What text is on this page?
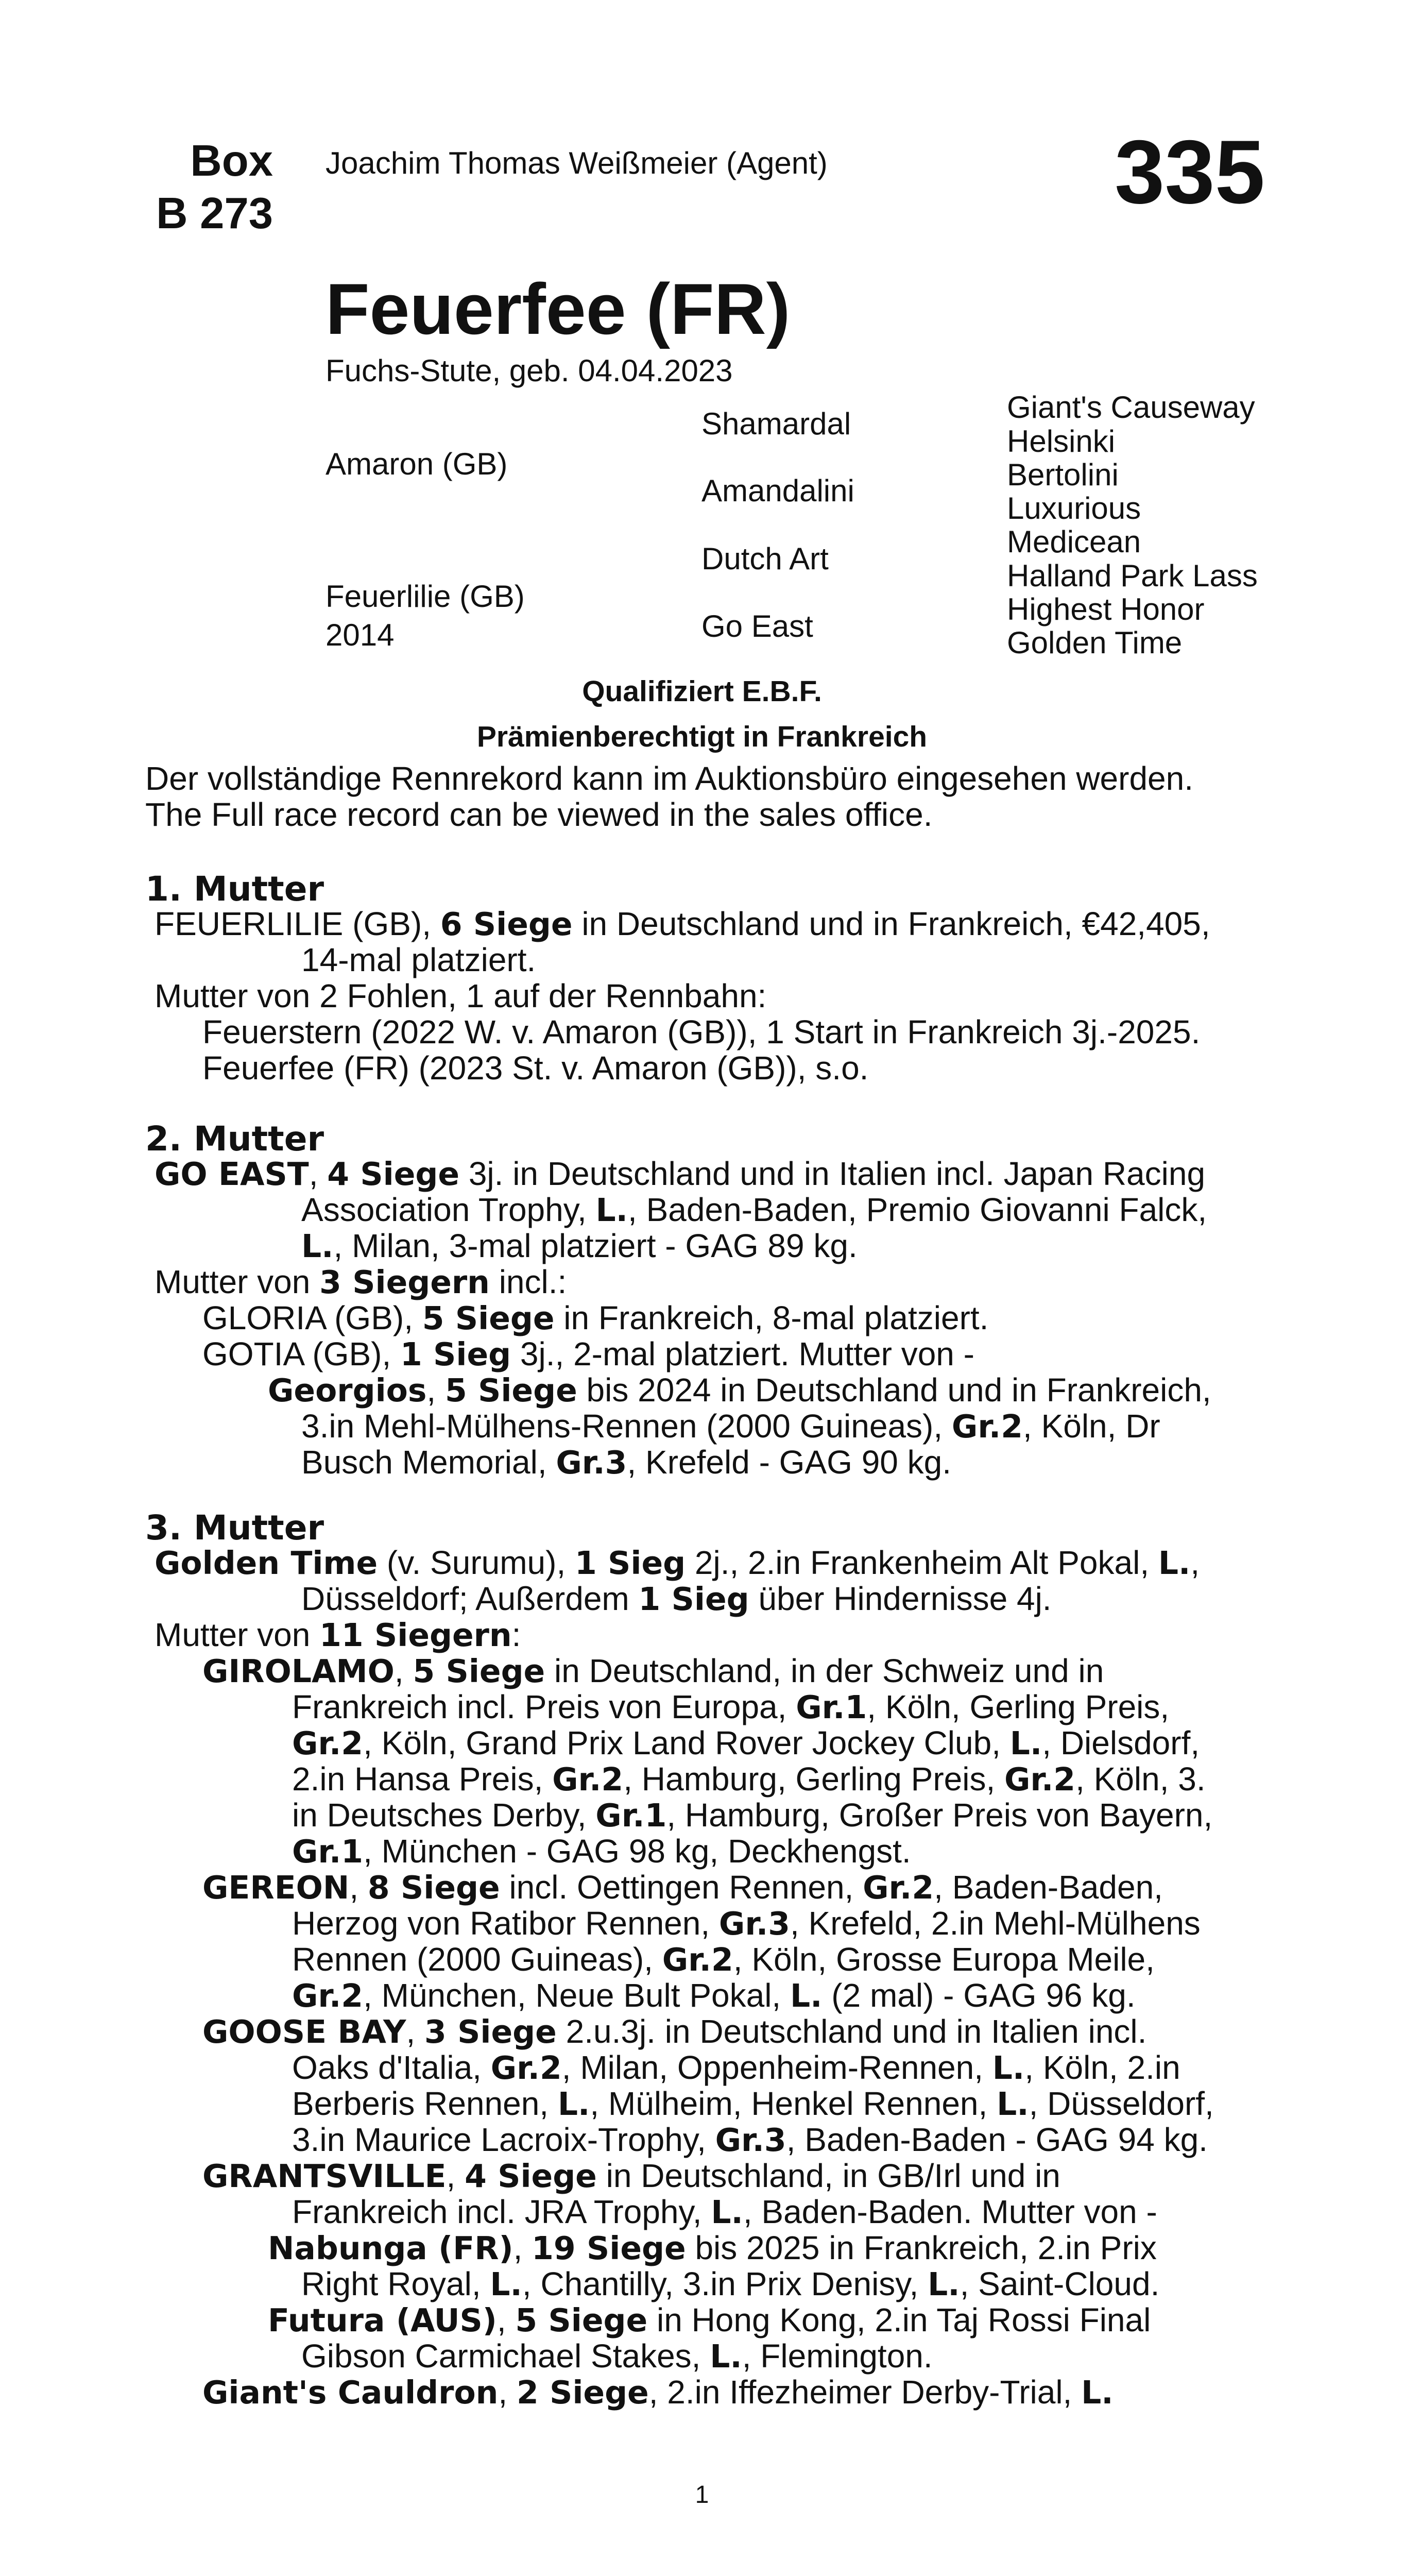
Box
B 273
Joachim Thomas Weißmeier (Agent)	335
Feuerfee (FR)
Fuchs-Stute, geb. 04.04.2023
Amaron (GB)
Feuerlilie (GB)
2014
Shamardal
Amandalini
Dutch Art
Go East
Giant's Causeway
Helsinki
Bertolini
Luxurious
Medicean
Halland Park Lass
Highest Honor
Golden Time
Qualifiziert E.B.F.
Prämienberechtigt in Frankreich
Der vollständige Rennrekord kann im Auktionsbüro eingesehen werden.
The Full race record can be viewed in the sales office.
1. Mutter
FEUERLILIE (GB), 6 Siege in Deutschland und in Frankreich, €42,405,
14-mal platziert.
Mutter von 2 Fohlen, 1 auf der Rennbahn:
Feuerstern (2022 W. v. Amaron (GB)), 1 Start in Frankreich 3j.-2025.
Feuerfee (FR) (2023 St. v. Amaron (GB)), s.o.
2. Mutter
GO EAST, 4 Siege 3j. in Deutschland und in Italien incl. Japan Racing
Association Trophy, L., Baden-Baden, Premio Giovanni Falck,
L., Milan, 3-mal platziert - GAG 89 kg.
Mutter von 3 Siegern incl.:
GLORIA (GB), 5 Siege in Frankreich, 8-mal platziert.
GOTIA (GB), 1 Sieg 3j., 2-mal platziert. Mutter von -
Georgios, 5 Siege bis 2024 in Deutschland und in Frankreich,
3.in Mehl-Mülhens-Rennen (2000 Guineas), Gr.2, Köln, Dr
Busch Memorial, Gr.3, Krefeld - GAG 90 kg.
3. Mutter
Golden Time (v. Surumu), 1 Sieg 2j., 2.in Frankenheim Alt Pokal, L.,
Düsseldorf; Außerdem 1 Sieg über Hindernisse 4j.
Mutter von 11 Siegern:
GIROLAMO, 5 Siege in Deutschland, in der Schweiz und in
Frankreich incl. Preis von Europa, Gr.1, Köln, Gerling Preis,
Gr.2, Köln, Grand Prix Land Rover Jockey Club, L., Dielsdorf,
2.in Hansa Preis, Gr.2, Hamburg, Gerling Preis, Gr.2, Köln, 3.
in Deutsches Derby, Gr.1, Hamburg, Großer Preis von Bayern,
Gr.1, München - GAG 98 kg, Deckhengst.
GEREON, 8 Siege incl. Oettingen Rennen, Gr.2, Baden-Baden,
Herzog von Ratibor Rennen, Gr.3, Krefeld, 2.in Mehl-Mülhens
Rennen (2000 Guineas), Gr.2, Köln, Grosse Europa Meile,
Gr.2, München, Neue Bult Pokal, L. (2 mal) - GAG 96 kg.
GOOSE BAY, 3 Siege 2.u.3j. in Deutschland und in Italien incl.
Oaks d'Italia, Gr.2, Milan, Oppenheim-Rennen, L., Köln, 2.in
Berberis Rennen, L., Mülheim, Henkel Rennen, L., Düsseldorf,
3.in Maurice Lacroix-Trophy, Gr.3, Baden-Baden - GAG 94 kg.
GRANTSVILLE, 4 Siege in Deutschland, in GB/Irl und in
Frankreich incl. JRA Trophy, L., Baden-Baden. Mutter von -
Nabunga (FR), 19 Siege bis 2025 in Frankreich, 2.in Prix
Right Royal, L., Chantilly, 3.in Prix Denisy, L., Saint-Cloud.
Futura (AUS), 5 Siege in Hong Kong, 2.in Taj Rossi Final
Gibson Carmichael Stakes, L., Flemington.
Giant's Cauldron, 2 Siege, 2.in Iffezheimer Derby-Trial, L.
1
